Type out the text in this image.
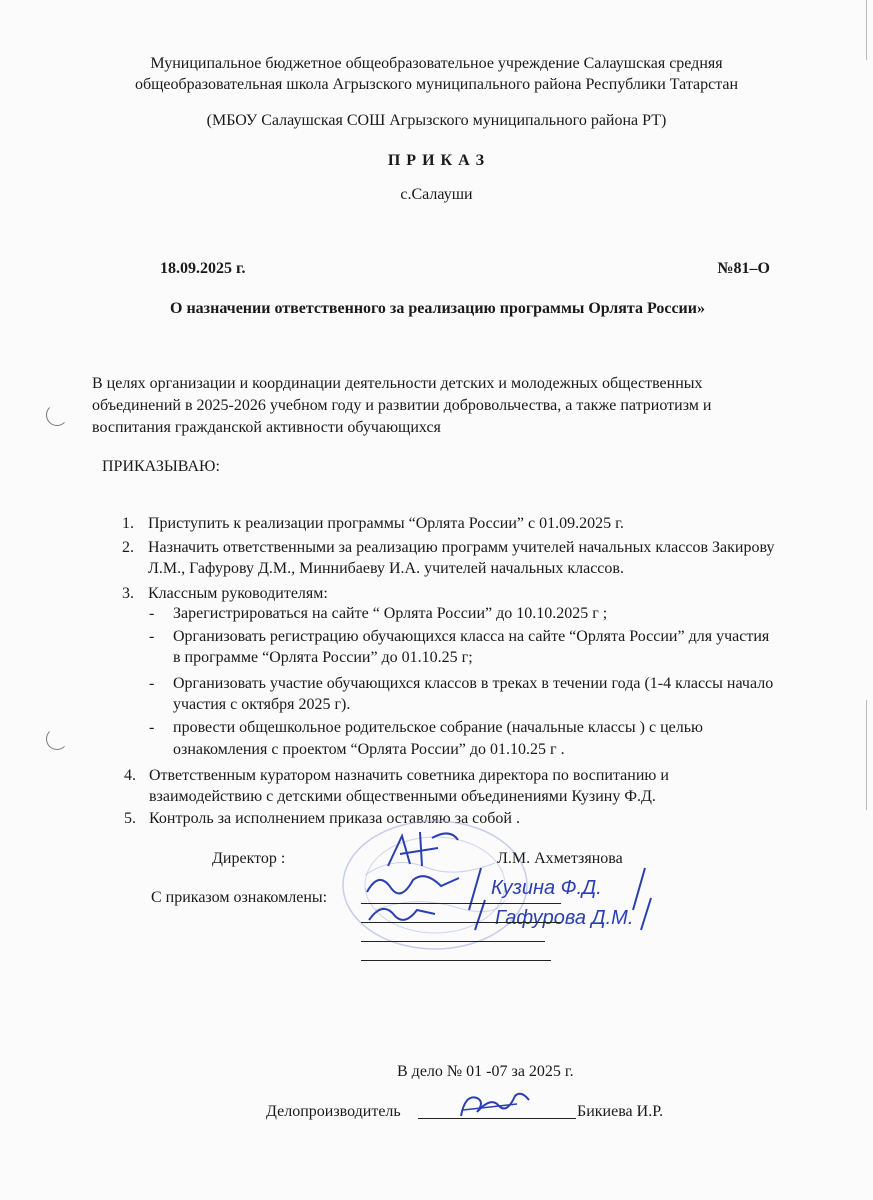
Муниципальное бюджетное общеобразовательное учреждение Салаушская средняя
общеобразовательная школа Агрызского муниципального района Республики Татарстан
(МБОУ Салаушская СОШ Агрызского муниципального района РТ)
П Р И К А З
с.Салауши
18.09.2025 г.	№81–О
О назначении ответственного за реализацию программы Орлята России»
В целях организации и координации деятельности детских и молодежных общественных
объединений в 2025-2026 учебном году и развитии добровольчества, а также патриотизм и
воспитания гражданской активности обучающихся
ПРИКАЗЫВАЮ:
1. Приступить к реализации программы “Орлята России” с 01.09.2025 г.
2. Назначить ответственными за реализацию программ учителей начальных классов Закирову
Л.М., Гафурову Д.М., Миннибаеву И.А. учителей начальных классов.
3. Классным руководителям:
- Зарегистрироваться на сайте “ Орлята России” до 10.10.2025 г ;
- Организовать регистрацию обучающихся класса на сайте “Орлята России” для участия
в программе “Орлята России” до 01.10.25 г;
- Организовать участие обучающихся классов в треках в течении года (1-4 классы начало
участия с октября 2025 г).
- провести общешкольное родительское собрание (начальные классы ) с целью
ознакомления с проектом “Орлята России” до 01.10.25 г .
4. Ответственным куратором назначить советника директора по воспитанию и
взаимодействию с детскими общественными объединениями Кузину Ф.Д.
5. Контроль за исполнением приказа оставляю за собой .
Директор :	Л.М. Ахметзянова
С приказом ознакомлены:	Кузина Ф.Д.
Гафурова Д.М.
В дело № 01 -07 за 2025 г.
Делопроизводитель	Бикиева И.Р.
